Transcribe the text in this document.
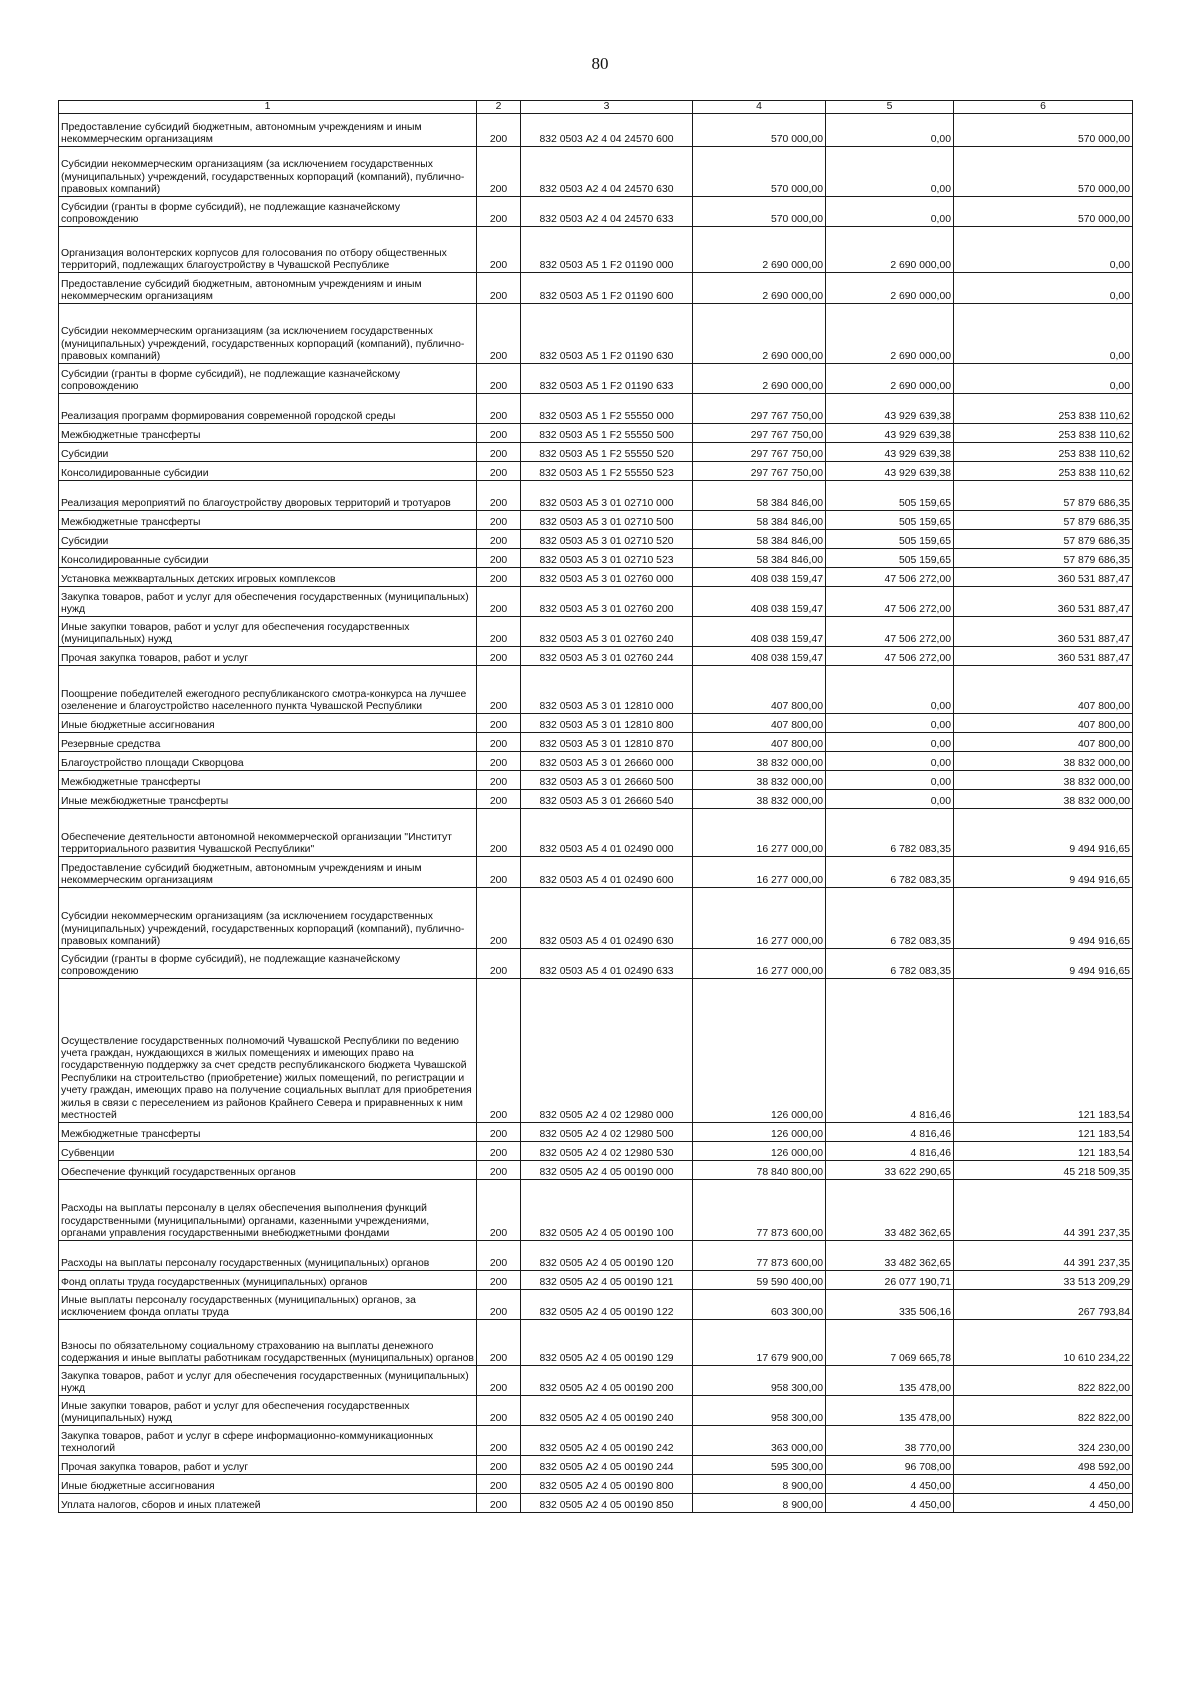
80
1	2	3	4	5	6
Предоставление субсидий бюджетным, автономным учреждениям и иным некоммерческим организациям	200	832 0503 А2 4 04 24570 600	570 000,00	0,00	570 000,00
Субсидии некоммерческим организациям (за исключением государственных (муниципальных) учреждений, государственных корпораций (компаний), публично-правовых компаний)	200	832 0503 А2 4 04 24570 630	570 000,00	0,00	570 000,00
Субсидии (гранты в форме субсидий), не подлежащие казначейскому сопровождению	200	832 0503 А2 4 04 24570 633	570 000,00	0,00	570 000,00
Организация волонтерских корпусов для голосования по отбору общественных территорий, подлежащих благоустройству в Чувашской Республике	200	832 0503 А5 1 F2 01190 000	2 690 000,00	2 690 000,00	0,00
Предоставление субсидий бюджетным, автономным учреждениям и иным некоммерческим организациям	200	832 0503 А5 1 F2 01190 600	2 690 000,00	2 690 000,00	0,00
Субсидии некоммерческим организациям (за исключением государственных (муниципальных) учреждений, государственных корпораций (компаний), публично-правовых компаний)	200	832 0503 А5 1 F2 01190 630	2 690 000,00	2 690 000,00	0,00
Субсидии (гранты в форме субсидий), не подлежащие казначейскому сопровождению	200	832 0503 А5 1 F2 01190 633	2 690 000,00	2 690 000,00	0,00
Реализация программ формирования современной городской среды	200	832 0503 А5 1 F2 55550 000	297 767 750,00	43 929 639,38	253 838 110,62
Межбюджетные трансферты	200	832 0503 А5 1 F2 55550 500	297 767 750,00	43 929 639,38	253 838 110,62
Субсидии	200	832 0503 А5 1 F2 55550 520	297 767 750,00	43 929 639,38	253 838 110,62
Консолидированные субсидии	200	832 0503 А5 1 F2 55550 523	297 767 750,00	43 929 639,38	253 838 110,62
Реализация мероприятий по благоустройству дворовых территорий и тротуаров	200	832 0503 А5 3 01 02710 000	58 384 846,00	505 159,65	57 879 686,35
Межбюджетные трансферты	200	832 0503 А5 3 01 02710 500	58 384 846,00	505 159,65	57 879 686,35
Субсидии	200	832 0503 А5 3 01 02710 520	58 384 846,00	505 159,65	57 879 686,35
Консолидированные субсидии	200	832 0503 А5 3 01 02710 523	58 384 846,00	505 159,65	57 879 686,35
Установка межквартальных детских игровых комплексов	200	832 0503 А5 3 01 02760 000	408 038 159,47	47 506 272,00	360 531 887,47
Закупка товаров, работ и услуг для обеспечения государственных (муниципальных) нужд	200	832 0503 А5 3 01 02760 200	408 038 159,47	47 506 272,00	360 531 887,47
Иные закупки товаров, работ и услуг для обеспечения государственных (муниципальных) нужд	200	832 0503 А5 3 01 02760 240	408 038 159,47	47 506 272,00	360 531 887,47
Прочая закупка товаров, работ и услуг	200	832 0503 А5 3 01 02760 244	408 038 159,47	47 506 272,00	360 531 887,47
Поощрение победителей ежегодного республиканского смотра-конкурса на лучшее озеленение и благоустройство населенного пункта Чувашской Республики	200	832 0503 А5 3 01 12810 000	407 800,00	0,00	407 800,00
Иные бюджетные ассигнования	200	832 0503 А5 3 01 12810 800	407 800,00	0,00	407 800,00
Резервные средства	200	832 0503 А5 3 01 12810 870	407 800,00	0,00	407 800,00
Благоустройство площади Скворцова	200	832 0503 А5 3 01 26660 000	38 832 000,00	0,00	38 832 000,00
Межбюджетные трансферты	200	832 0503 А5 3 01 26660 500	38 832 000,00	0,00	38 832 000,00
Иные межбюджетные трансферты	200	832 0503 А5 3 01 26660 540	38 832 000,00	0,00	38 832 000,00
Обеспечение деятельности автономной некоммерческой организации "Институт территориального развития Чувашской Республики"	200	832 0503 А5 4 01 02490 000	16 277 000,00	6 782 083,35	9 494 916,65
Предоставление субсидий бюджетным, автономным учреждениям и иным некоммерческим организациям	200	832 0503 А5 4 01 02490 600	16 277 000,00	6 782 083,35	9 494 916,65
Субсидии некоммерческим организациям (за исключением государственных (муниципальных) учреждений, государственных корпораций (компаний), публично-правовых компаний)	200	832 0503 А5 4 01 02490 630	16 277 000,00	6 782 083,35	9 494 916,65
Субсидии (гранты в форме субсидий), не подлежащие казначейскому сопровождению	200	832 0503 А5 4 01 02490 633	16 277 000,00	6 782 083,35	9 494 916,65
Осуществление государственных полномочий Чувашской Республики по ведению учета граждан, нуждающихся в жилых помещениях и имеющих право на государственную поддержку за счет средств республиканского бюджета Чувашской Республики на строительство (приобретение) жилых помещений, по регистрации и учету граждан, имеющих право на получение социальных выплат для приобретения жилья в связи с переселением из районов Крайнего Севера и приравненных к ним местностей	200	832 0505 А2 4 02 12980 000	126 000,00	4 816,46	121 183,54
Межбюджетные трансферты	200	832 0505 А2 4 02 12980 500	126 000,00	4 816,46	121 183,54
Субвенции	200	832 0505 А2 4 02 12980 530	126 000,00	4 816,46	121 183,54
Обеспечение функций государственных органов	200	832 0505 А2 4 05 00190 000	78 840 800,00	33 622 290,65	45 218 509,35
Расходы на выплаты персоналу в целях обеспечения выполнения функций государственными (муниципальными) органами, казенными учреждениями, органами управления государственными внебюджетными фондами	200	832 0505 А2 4 05 00190 100	77 873 600,00	33 482 362,65	44 391 237,35
Расходы на выплаты персоналу государственных (муниципальных) органов	200	832 0505 А2 4 05 00190 120	77 873 600,00	33 482 362,65	44 391 237,35
Фонд оплаты труда государственных (муниципальных) органов	200	832 0505 А2 4 05 00190 121	59 590 400,00	26 077 190,71	33 513 209,29
Иные выплаты персоналу государственных (муниципальных) органов, за исключением фонда оплаты труда	200	832 0505 А2 4 05 00190 122	603 300,00	335 506,16	267 793,84
Взносы по обязательному социальному страхованию на выплаты денежного содержания и иные выплаты работникам государственных (муниципальных) органов	200	832 0505 А2 4 05 00190 129	17 679 900,00	7 069 665,78	10 610 234,22
Закупка товаров, работ и услуг для обеспечения государственных (муниципальных) нужд	200	832 0505 А2 4 05 00190 200	958 300,00	135 478,00	822 822,00
Иные закупки товаров, работ и услуг для обеспечения государственных (муниципальных) нужд	200	832 0505 А2 4 05 00190 240	958 300,00	135 478,00	822 822,00
Закупка товаров, работ и услуг в сфере информационно-коммуникационных технологий	200	832 0505 А2 4 05 00190 242	363 000,00	38 770,00	324 230,00
Прочая закупка товаров, работ и услуг	200	832 0505 А2 4 05 00190 244	595 300,00	96 708,00	498 592,00
Иные бюджетные ассигнования	200	832 0505 А2 4 05 00190 800	8 900,00	4 450,00	4 450,00
Уплата налогов, сборов и иных платежей	200	832 0505 А2 4 05 00190 850	8 900,00	4 450,00	4 450,00
